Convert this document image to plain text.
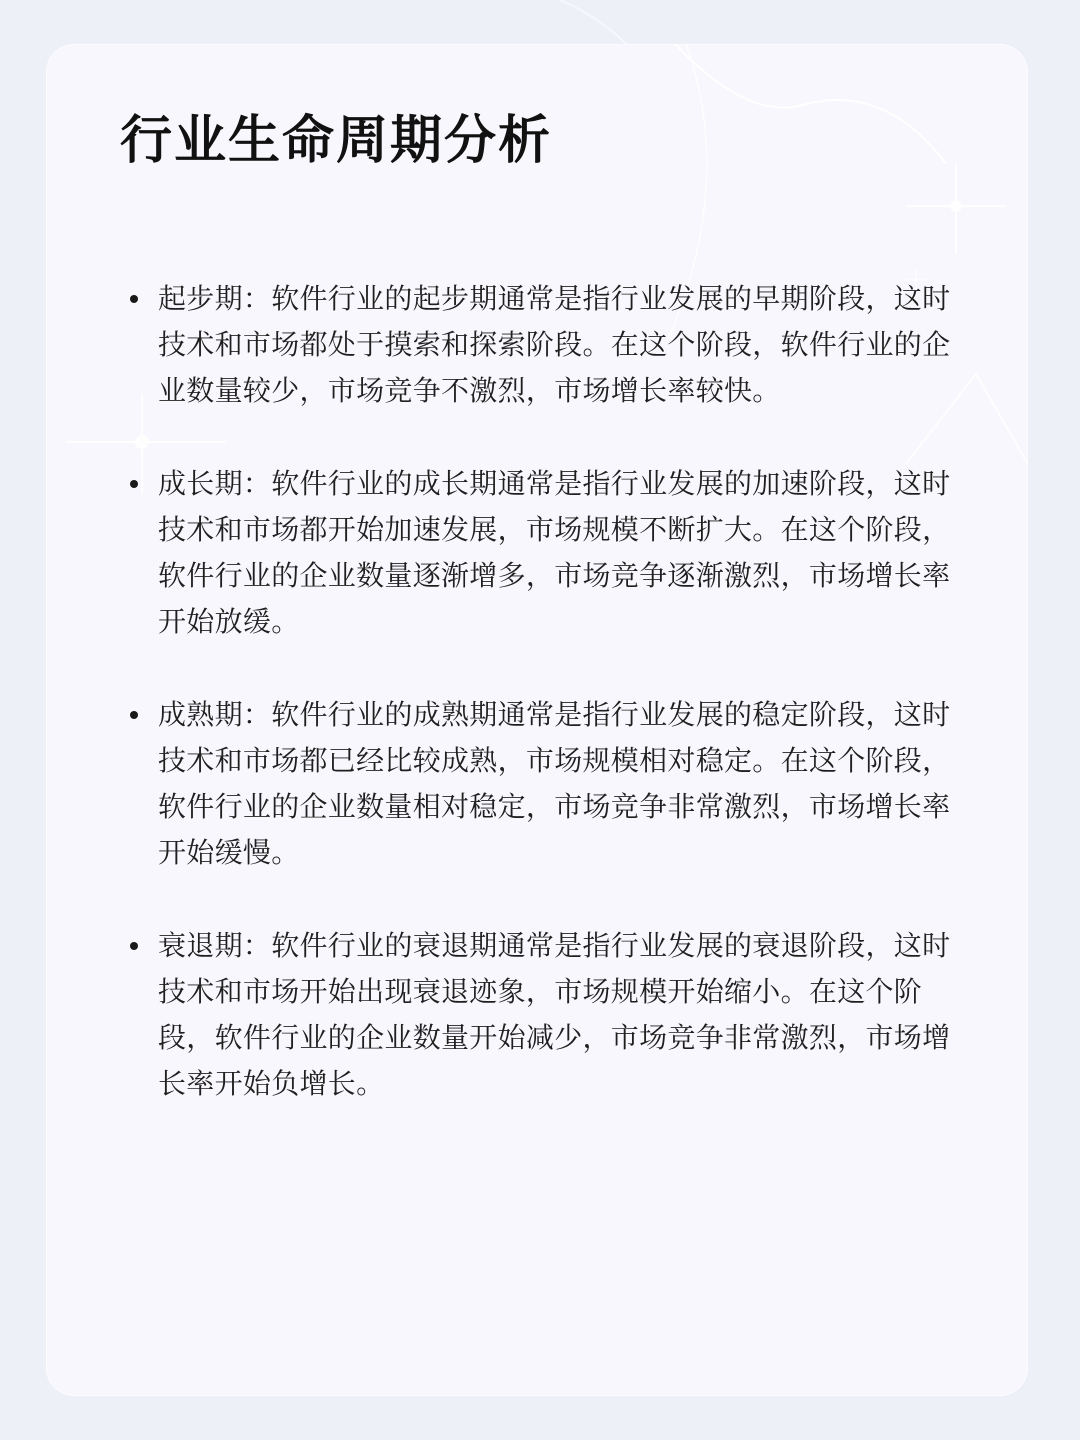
行业生命周期分析

起步期：软件行业的起步期通常是指行业发展的早期阶段，这时技术和市场都处于摸索和探索阶段。在这个阶段，软件行业的企业数量较少，市场竞争不激烈，市场增长率较快。

成长期：软件行业的成长期通常是指行业发展的加速阶段，这时技术和市场都开始加速发展，市场规模不断扩大。在这个阶段，软件行业的企业数量逐渐增多，市场竞争逐渐激烈，市场增长率开始放缓。

成熟期：软件行业的成熟期通常是指行业发展的稳定阶段，这时技术和市场都已经比较成熟，市场规模相对稳定。在这个阶段，软件行业的企业数量相对稳定，市场竞争非常激烈，市场增长率开始缓慢。

衰退期：软件行业的衰退期通常是指行业发展的衰退阶段，这时技术和市场开始出现衰退迹象，市场规模开始缩小。在这个阶段，软件行业的企业数量开始减少，市场竞争非常激烈，市场增长率开始负增长。
